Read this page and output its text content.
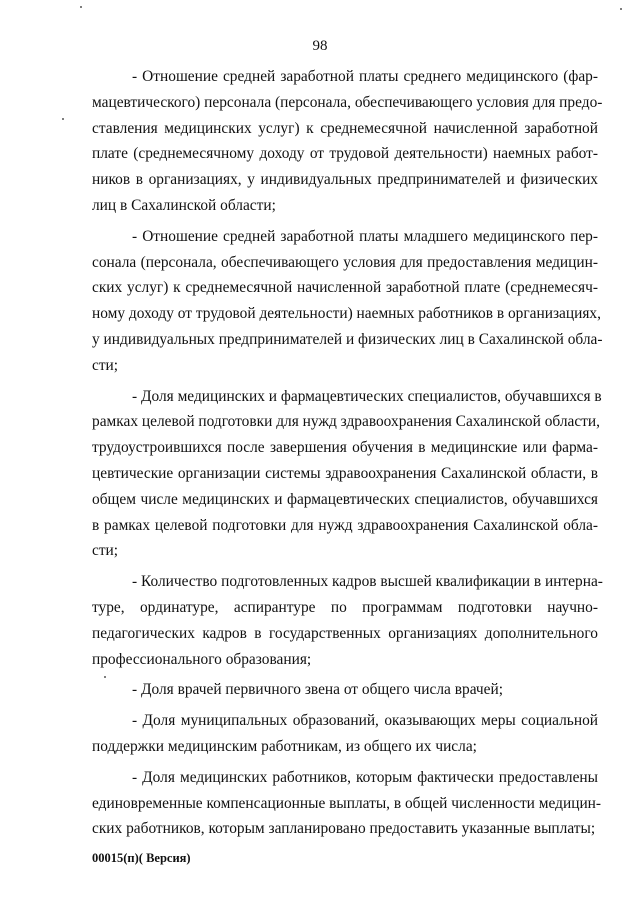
98
- Отношение средней заработной платы среднего медицинского (фар-
мацевтического) персонала (персонала, обеспечивающего условия для предо-
ставления медицинских услуг) к среднемесячной начисленной заработной
плате (среднемесячному доходу от трудовой деятельности) наемных работ-
ников в организациях, у индивидуальных предпринимателей и физических
лиц в Сахалинской области;
- Отношение средней заработной платы младшего медицинского пер-
сонала (персонала, обеспечивающего условия для предоставления медицин-
ских услуг) к среднемесячной начисленной заработной плате (среднемесяч-
ному доходу от трудовой деятельности) наемных работников в организациях,
у индивидуальных предпринимателей и физических лиц в Сахалинской обла-
сти;
- Доля медицинских и фармацевтических специалистов, обучавшихся в
рамках целевой подготовки для нужд здравоохранения Сахалинской области,
трудоустроившихся после завершения обучения в медицинские или фарма-
цевтические организации системы здравоохранения Сахалинской области, в
общем числе медицинских и фармацевтических специалистов, обучавшихся
в рамках целевой подготовки для нужд здравоохранения Сахалинской обла-
сти;
- Количество подготовленных кадров высшей квалификации в интерна-
туре, ординатуре, аспирантуре по программам подготовки научно-
педагогических кадров в государственных организациях дополнительного
профессионального образования;
- Доля врачей первичного звена от общего числа врачей;
- Доля муниципальных образований, оказывающих меры социальной
поддержки медицинским работникам, из общего их числа;
- Доля медицинских работников, которым фактически предоставлены
единовременные компенсационные выплаты, в общей численности медицин-
ских работников, которым запланировано предоставить указанные выплаты;
00015(п)( Версия)
